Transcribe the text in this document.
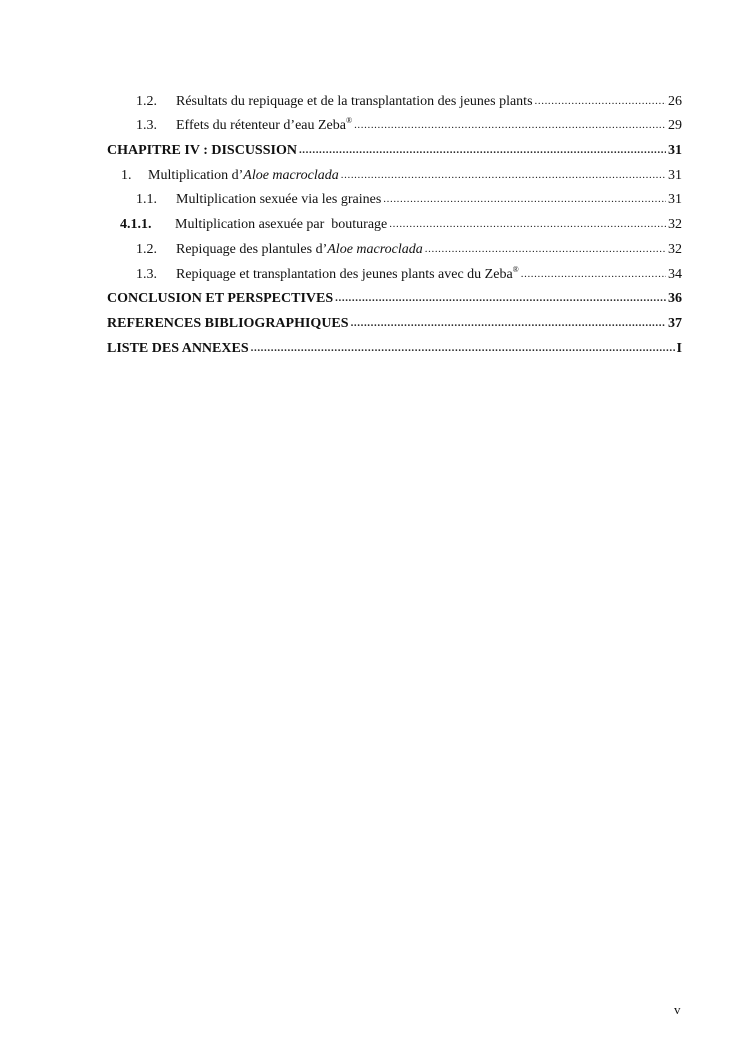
1.2.	Résultats du repiquage et de la transplantation des jeunes plants .....	26
1.3.	Effets du rétenteur d’eau Zeba® .....	29
CHAPITRE IV : DISCUSSION .....	31
1.	Multiplication d’Aloe macroclada .....	31
1.1.	Multiplication sexuée via les graines .....	31
4.1.1.	Multiplication asexuée par  bouturage .....	32
1.2.	Repiquage des plantules d’Aloe macroclada .....	32
1.3.	Repiquage et transplantation des jeunes plants avec du Zeba® .....	34
CONCLUSION ET PERSPECTIVES .....	36
REFERENCES BIBLIOGRAPHIQUES .....	37
LISTE DES ANNEXES .....	I
v
